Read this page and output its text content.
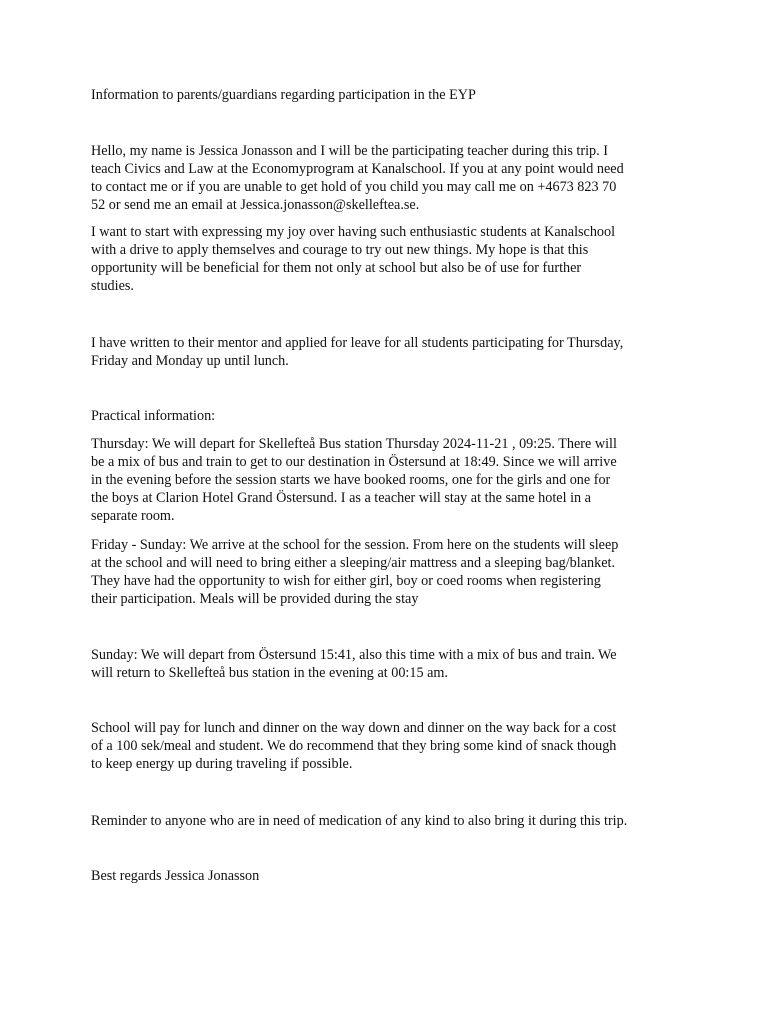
Information to parents/guardians regarding participation in the EYP

Hello, my name is Jessica Jonasson and I will be the participating teacher during this trip. I
teach Civics and Law at the Economyprogram at Kanalschool. If you at any point would need
to contact me or if you are unable to get hold of you child you may call me on +4673 823 70
52 or send me an email at Jessica.jonasson@skelleftea.se.

I want to start with expressing my joy over having such enthusiastic students at Kanalschool
with a drive to apply themselves and courage to try out new things. My hope is that this
opportunity will be beneficial for them not only at school but also be of use for further
studies.

I have written to their mentor and applied for leave for all students participating for Thursday,
Friday and Monday up until lunch.

Practical information:

Thursday: We will depart for Skellefteå Bus station Thursday 2024-11-21 , 09:25. There will
be a mix of bus and train to get to our destination in Östersund at 18:49. Since we will arrive
in the evening before the session starts we have booked rooms, one for the girls and one for
the boys at Clarion Hotel Grand Östersund. I as a teacher will stay at the same hotel in a
separate room.

Friday - Sunday: We arrive at the school for the session. From here on the students will sleep
at the school and will need to bring either a sleeping/air mattress and a sleeping bag/blanket.
They have had the opportunity to wish for either girl, boy or coed rooms when registering
their participation. Meals will be provided during the stay

Sunday: We will depart from Östersund 15:41, also this time with a mix of bus and train. We
will return to Skellefteå bus station in the evening at 00:15 am.

School will pay for lunch and dinner on the way down and dinner on the way back for a cost
of a 100 sek/meal and student. We do recommend that they bring some kind of snack though
to keep energy up during traveling if possible.

Reminder to anyone who are in need of medication of any kind to also bring it during this trip.

Best regards Jessica Jonasson
